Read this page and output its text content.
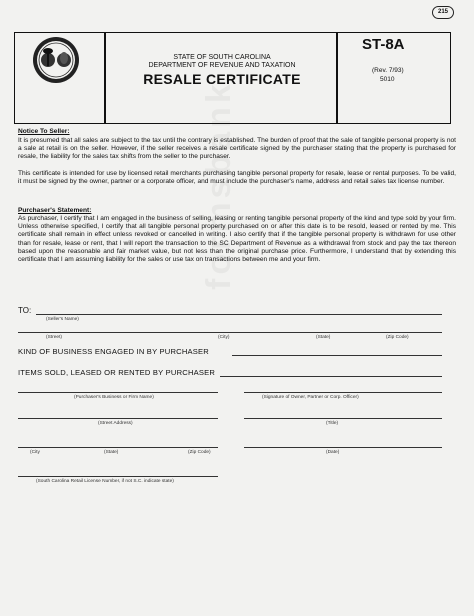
215
STATE OF SOUTH CAROLINA
DEPARTMENT OF REVENUE AND TAXATION
RESALE CERTIFICATE
ST-8A
(Rev. 7/93)
5010
Notice To Seller:
It is presumed that all sales are subject to the tax until the contrary is established. The burden of proof that the sale of tangible personal property is not a sale at retail is on the seller. However, if the seller receives a resale certificate signed by the purchaser stating that the property is purchased for resale, the liability for the sales tax shifts from the seller to the purchaser.
This certificate is intended for use by licensed retail merchants purchasing tangible personal property for resale, lease or rental purposes. To be valid, it must be signed by the owner, partner or a corporate officer, and must include the purchaser's name, address and retail sales tax license number.
Purchaser's Statement:
As purchaser, I certify that I am engaged in the business of selling, leasing or renting tangible personal property of the kind and type sold by your firm. Unless otherwise specified, I certify that all tangible personal property purchased on or after this date is to be resold, leased or rented by me. This certificate shall remain in effect unless revoked or cancelled in writing. I also certify that if the tangible personal property is withdrawn for use other than for resale, lease or rent, that I will report the transaction to the SC Department of Revenue as a withdrawal from stock and pay the tax thereon based upon the reasonable and fair market value, but not less than the original purchase price. Furthermore, I understand that by extending this certificate that I am assuming liability for the sales or use tax on transactions between me and your firm.
TO:
(Seller's Name)
(Street)	(City)	(State)	(Zip Code)
KIND OF BUSINESS ENGAGED IN BY PURCHASER
ITEMS SOLD, LEASED OR RENTED BY PURCHASER
(Purchaser's Business or Firm Name)	(Signature of Owner, Partner or Corp. Officer)
(Street Address)	(Title)
(City	(State)	(Zip Code)	(Date)
(South Carolina Retail License Number, if not S.C. indicate state)
